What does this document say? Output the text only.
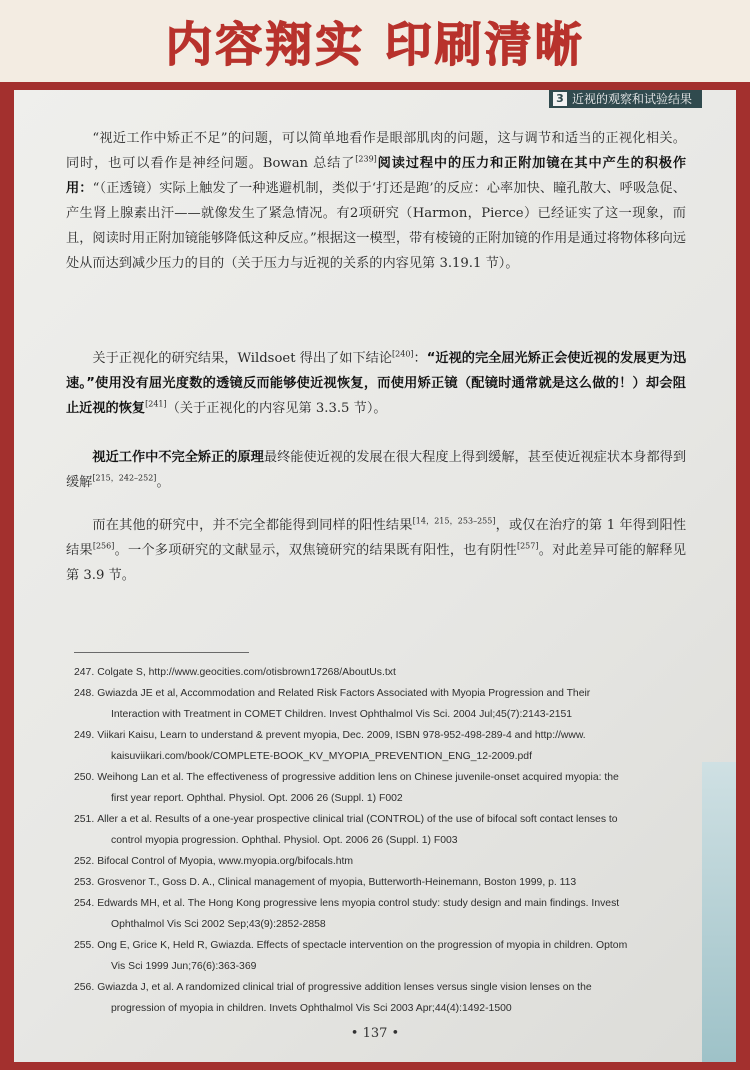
内容翔实 印刷清晰
3 近视的观察和试验结果

“视近工作中矫正不足”的问题，可以简单地看作是眼部肌肉的问题，这与调节和适当的正视化相关。同时，也可以看作是神经问题。Bowan 总结了[239]阅读过程中的压力和正附加镜在其中产生的积极作用：“（正透镜）实际上触发了一种逃避机制，类似于‘打还是跑’的反应：心率加快、瞳孔散大、呼吸急促、产生肾上腺素出汗——就像发生了紧急情况。有2项研究（Harmon，Pierce）已经证实了这一现象，而且，阅读时用正附加镜能够降低这种反应。”根据这一模型，带有棱镜的正附加镜的作用是通过将物体移向远处从而达到减少压力的目的（关于压力与近视的关系的内容见第 3.19.1 节）。

关于正视化的研究结果，Wildsoet 得出了如下结论[240]：“近视的完全屈光矫正会使近视的发展更为迅速。”使用没有屈光度数的透镜反而能够使近视恢复，而使用矫正镜（配镜时通常就是这么做的！）却会阻止近视的恢复[241]（关于正视化的内容见第 3.3.5 节）。

视近工作中不完全矫正的原理最终能使近视的发展在很大程度上得到缓解，甚至使近视症状本身都得到缓解[215，242–252]。

而在其他的研究中，并不完全都能得到同样的阳性结果[14，215，253–255]，或仅在治疗的第 1 年得到阳性结果[256]。一个多项研究的文献显示，双焦镜研究的结果既有阳性，也有阴性[257]。对此差异可能的解释见第 3.9 节。

247. Colgate S, http://www.geocities.com/otisbrown17268/AboutUs.txt
248. Gwiazda JE et al, Accommodation and Related Risk Factors Associated with Myopia Progression and Their
Interaction with Treatment in COMET Children. Invest Ophthalmol Vis Sci. 2004 Jul;45(7):2143-2151
249. Viikari Kaisu, Learn to understand & prevent myopia, Dec. 2009, ISBN 978-952-498-289-4 and http://www.
kaisuviikari.com/book/COMPLETE-BOOK_KV_MYOPIA_PREVENTION_ENG_12-2009.pdf
250. Weihong Lan et al. The effectiveness of progressive addition lens on Chinese juvenile-onset acquired myopia: the
first year report. Ophthal. Physiol. Opt. 2006 26 (Suppl. 1) F002
251. Aller a et al. Results of a one-year prospective clinical trial (CONTROL) of the use of bifocal soft contact lenses to
control myopia progression. Ophthal. Physiol. Opt. 2006 26 (Suppl. 1) F003
252. Bifocal Control of Myopia, www.myopia.org/bifocals.htm
253. Grosvenor T., Goss D. A., Clinical management of myopia, Butterworth-Heinemann, Boston 1999, p. 113
254. Edwards MH, et al. The Hong Kong progressive lens myopia control study: study design and main findings. Invest
Ophthalmol Vis Sci 2002 Sep;43(9):2852-2858
255. Ong E, Grice K, Held R, Gwiazda. Effects of spectacle intervention on the progression of myopia in children. Optom
Vis Sci 1999 Jun;76(6):363-369
256. Gwiazda J, et al. A randomized clinical trial of progressive addition lenses versus single vision lenses on the
progression of myopia in children. Invets Ophthalmol Vis Sci 2003 Apr;44(4):1492-1500
• 137 •
